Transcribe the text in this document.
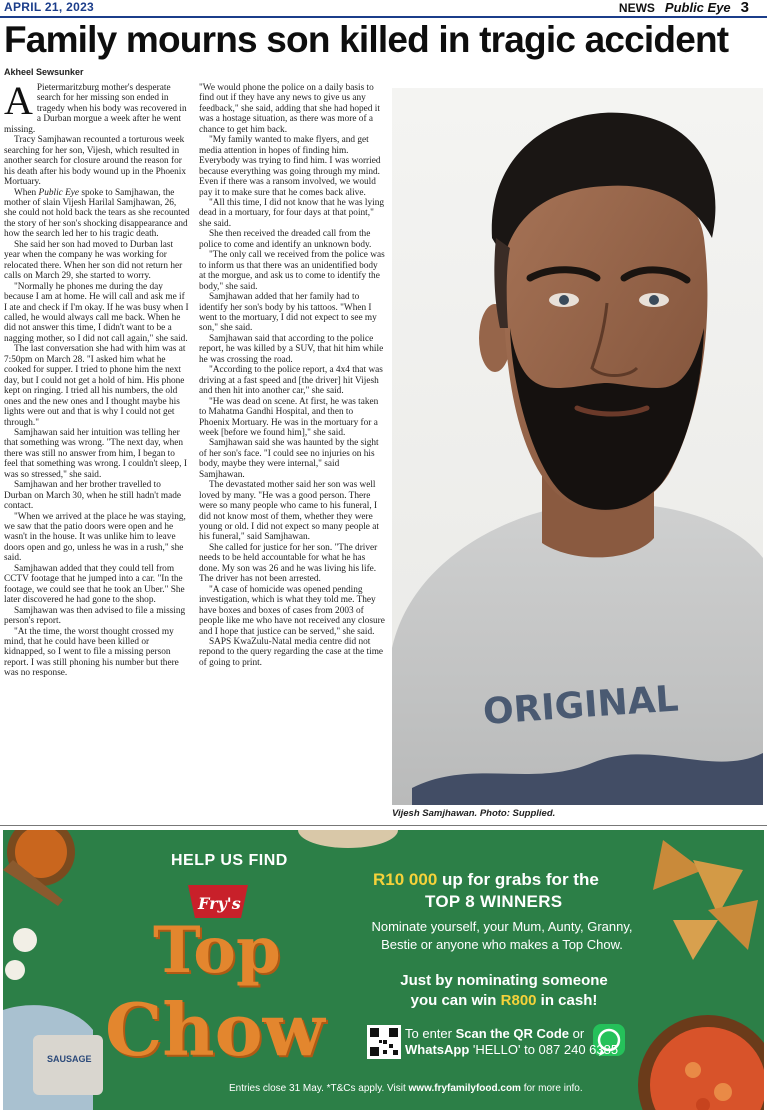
APRIL 21, 2023	NEWS Public Eye 3
Family mourns son killed in tragic accident
Akheel Sewsunker

A Pietermaritzburg mother's desperate search for her missing son ended in tragedy when his body was recovered in a Durban morgue a week after he went missing.

Tracy Samjhawan recounted a torturous week searching for her son, Vijesh, which resulted in another search for closure around the reason for his death after his body wound up in the Phoenix Mortuary.

When Public Eye spoke to Samjhawan, the mother of slain Vijesh Harilal Samjhawan, 26, she could not hold back the tears as she recounted the story of her son's shocking disappearance and how the search led her to his tragic death.

She said her son had moved to Durban last year when the company he was working for relocated there. When her son did not return her calls on March 29, she started to worry.

"Normally he phones me during the day because I am at home. He will call and ask me if I ate and check if I'm okay. If he was busy when I called, he would always call me back. When he did not answer this time, I didn't want to be a nagging mother, so I did not call again," she said.

The last conversation she had with him was at 7:50pm on March 28. "I asked him what he cooked for supper. I tried to phone him the next day, but I could not get a hold of him. His phone kept on ringing. I tried all his numbers, the old ones and the new ones and I thought maybe his lights were out and that is why I could not get through."

Samjhawan said her intuition was telling her that something was wrong. "The next day, when there was still no answer from him, I began to feel that something was wrong. I couldn't sleep, I was so stressed," she said.

Samjhawan and her brother travelled to Durban on March 30, when he still hadn't made contact.

"When we arrived at the place he was staying, we saw that the patio doors were open and he wasn't in the house. It was unlike him to leave doors open and go, unless he was in a rush," she said.

Samjhawan added that they could tell from CCTV footage that he jumped into a car. "In the footage, we could see that he took an Uber." She later discovered he had gone to the shop.

Samjhawan was then advised to file a missing person's report.

"At the time, the worst thought crossed my mind, that he could have been killed or kidnapped, so I went to file a missing person report. I was still phoning his number but there was no response.

"We would phone the police on a daily basis to find out if they have any news to give us any feedback," she said, adding that she had hoped it was a hostage situation, as there was more of a chance to get him back.

"My family wanted to make flyers, and get media attention in hopes of finding him. Everybody was trying to find him. I was worried because everything was going through my mind. Even if there was a ransom involved, we would pay it to make sure that he comes back alive.

"All this time, I did not know that he was lying dead in a mortuary, for four days at that point," she said.

She then received the dreaded call from the police to come and identify an unknown body.

"The only call we received from the police was to inform us that there was an unidentified body at the morgue, and ask us to come to identify the body," she said.

Samjhawan added that her family had to identify her son's body by his tattoos. "When I went to the mortuary, I did not expect to see my son," she said.

Samjhawan said that according to the police report, he was killed by a SUV, that hit him while he was crossing the road.

"According to the police report, a 4x4 that was driving at a fast speed and [the driver] hit Vijesh and then hit into another car," she said.

"He was dead on scene. At first, he was taken to Mahatma Gandhi Hospital, and then to Phoenix Mortuary. He was in the mortuary for a week [before we found him]," she said.

Samjhawan said she was haunted by the sight of her son's face. "I could see no injuries on his body, maybe they were internal," said Samjhawan.

The devastated mother said her son was well loved by many. "He was a good person. There were so many people who came to his funeral, I did not know most of them, whether they were young or old. I did not expect so many people at his funeral," said Samjhawan.

She called for justice for her son. "The driver needs to be held accountable for what he has done. My son was 26 and he was living his life. The driver has not been arrested.

"A case of homicide was opened pending investigation, which is what they told me. They have boxes and boxes of cases from 2003 of people like me who have not received any closure and I hope that justice can be served," she said.

SAPS KwaZulu-Natal media centre did not repond to the query regarding the case at the time of going to print.

ORIGINAL
Vijesh Samjhawan. Photo: Supplied.
SAUSAGE
Fry's
HELP US FIND
Top
Chow
R10 000 up for grabs for the
TOP 8 WINNERS
Nominate yourself, your Mum, Aunty, Granny, Bestie or anyone who makes a Top Chow.
Just by nominating someone
you can win R800 in cash!
To enter Scan the QR Code or
WhatsApp 'HELLO' to 087 240 6385
Entries close 31 May. *T&Cs apply. Visit www.fryfamilyfood.com for more info.
